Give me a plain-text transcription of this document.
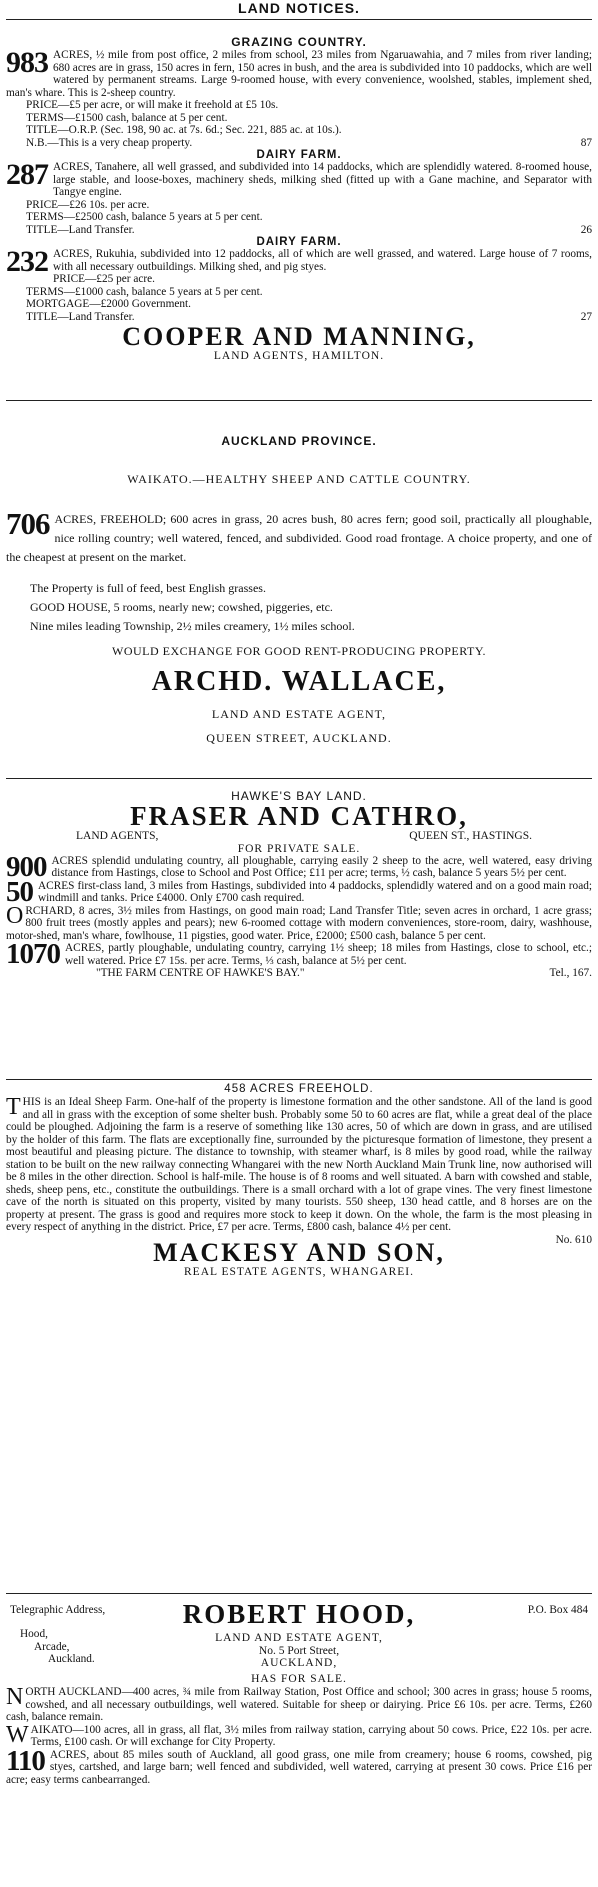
LAND NOTICES.
GRAZING COUNTRY.
983 ACRES, ½ mile from post office, 2 miles from school, 23 miles from Ngaruawahia, and 7 miles from river landing; 680 acres are in grass, 150 acres in fern, 150 acres in bush, and the area is subdivided into 10 paddocks, which are well watered by permanent streams. Large 9-roomed house, with every convenience, woolshed, stables, implement shed, man's whare. This is 2-sheep country.

PRICE—£5 per acre, or will make it freehold at £5 10s.

TERMS—£1500 cash, balance at 5 per cent.

TITLE—O.R.P. (Sec. 198, 90 ac. at 7s. 6d.; Sec. 221, 885 ac. at 10s.).

N.B.—This is a very cheap property.	87
DAIRY FARM.
287 ACRES, Tanahere, all well grassed, and subdivided into 14 paddocks, which are splendidly watered. 8-roomed house, large stable, and loose-boxes, machinery sheds, milking shed (fitted up with a Gane machine, and Separator with Tangye engine.

PRICE—£26 10s. per acre.

TERMS—£2500 cash, balance 5 years at 5 per cent.

TITLE—Land Transfer.	26
DAIRY FARM.
232 ACRES, Rukuhia, subdivided into 12 paddocks, all of which are well grassed, and watered. Large house of 7 rooms, with all necessary outbuildings. Milking shed, and pig styes.

PRICE—£25 per acre.

TERMS—£1000 cash, balance 5 years at 5 per cent.

MORTGAGE—£2000 Government.

TITLE—Land Transfer.	27
COOPER AND MANNING,
LAND AGENTS, HAMILTON.
AUCKLAND PROVINCE.
WAIKATO.—HEALTHY SHEEP AND CATTLE COUNTRY.
706 ACRES, FREEHOLD; 600 acres in grass, 20 acres bush, 80 acres fern; good soil, practically all ploughable, nice rolling country; well watered, fenced, and subdivided. Good road frontage. A choice property, and one of the cheapest at present on the market.

The Property is full of feed, best English grasses.
GOOD HOUSE, 5 rooms, nearly new; cowshed, piggeries, etc.
Nine miles leading Township, 2½ miles creamery, 1½ miles school.
WOULD EXCHANGE FOR GOOD RENT-PRODUCING PROPERTY.
ARCHD. WALLACE,
LAND AND ESTATE AGENT,
QUEEN STREET, AUCKLAND.
HAWKE'S BAY LAND.
FRASER AND CATHRO,
LAND AGENTS,	QUEEN ST., HASTINGS.
FOR PRIVATE SALE.
900 ACRES splendid undulating country, all ploughable, carrying easily 2 sheep to the acre, well watered, easy driving distance from Hastings, close to School and Post Office; £11 per acre; terms, ½ cash, balance 5 years 5½ per cent.

50 ACRES first-class land, 3 miles from Hastings, subdivided into 4 paddocks, splendidly watered and on a good main road; windmill and tanks. Price £4000. Only £700 cash required.

O RCHARD, 8 acres, 3½ miles from Hastings, on good main road; Land Transfer Title; seven acres in orchard, 1 acre grass; 800 fruit trees (mostly apples and pears); new 6-roomed cottage with modern conveniences, store-room, dairy, washhouse, motor-shed, man's whare, fowlhouse, 11 pigsties, good water. Price, £2000; £500 cash, balance 5 per cent.

1070 ACRES, partly ploughable, undulating country, carrying 1½ sheep; 18 miles from Hastings, close to school, etc.; well watered. Price £7 15s. per acre. Terms, ⅓ cash, balance at 5½ per cent.

"THE FARM CENTRE OF HAWKE'S BAY."	Tel., 167.
458 ACRES FREEHOLD.
T HIS is an Ideal Sheep Farm. One-half of the property is limestone formation and the other sandstone. All of the land is good and all in grass with the exception of some shelter bush. Probably some 50 to 60 acres are flat, while a great deal of the place could be ploughed. Adjoining the farm is a reserve of something like 130 acres, 50 of which are down in grass, and are utilised by the holder of this farm. The flats are exceptionally fine, surrounded by the picturesque formation of limestone, they present a most beautiful and pleasing picture. The distance to township, with steamer wharf, is 8 miles by good road, while the railway station to be built on the new railway connecting Whangarei with the new North Auckland Main Trunk line, now authorised will be 8 miles in the other direction. School is half-mile. The house is of 8 rooms and well situated. A barn with cowshed and stable, sheds, sheep pens, etc., constitute the outbuildings. There is a small orchard with a lot of grape vines. The very finest limestone cave of the north is situated on this property, visited by many tourists. 550 sheep, 130 head cattle, and 8 horses are on the property at present. The grass is good and requires more stock to keep it down. On the whole, the farm is the most pleasing in every respect of anything in the district. Price, £7 per acre. Terms, £800 cash, balance 4½ per cent.

No. 610
MACKESY AND SON,
REAL ESTATE AGENTS, WHANGAREI.
Telegraphic Address,	P.O. Box 484
ROBERT HOOD,
Hood,
Arcade,
Auckland.
LAND AND ESTATE AGENT,
No. 5 Port Street,
AUCKLAND,
HAS FOR SALE.
N ORTH AUCKLAND—400 acres, ¾ mile from Railway Station, Post Office and school; 300 acres in grass; house 5 rooms, cowshed, and all necessary outbuildings, well watered. Suitable for sheep or dairying. Price £6 10s. per acre. Terms, £260 cash, balance remain.

W AIKATO—100 acres, all in grass, all flat, 3½ miles from railway station, carrying about 50 cows. Price, £22 10s. per acre. Terms, £100 cash. Or will exchange for City Property.

110 ACRES, about 85 miles south of Auckland, all good grass, one mile from creamery; house 6 rooms, cowshed, pig styes, cartshed, and large barn; well fenced and subdivided, well watered, carrying at present 30 cows. Price £16 per acre; easy terms canbearranged.
